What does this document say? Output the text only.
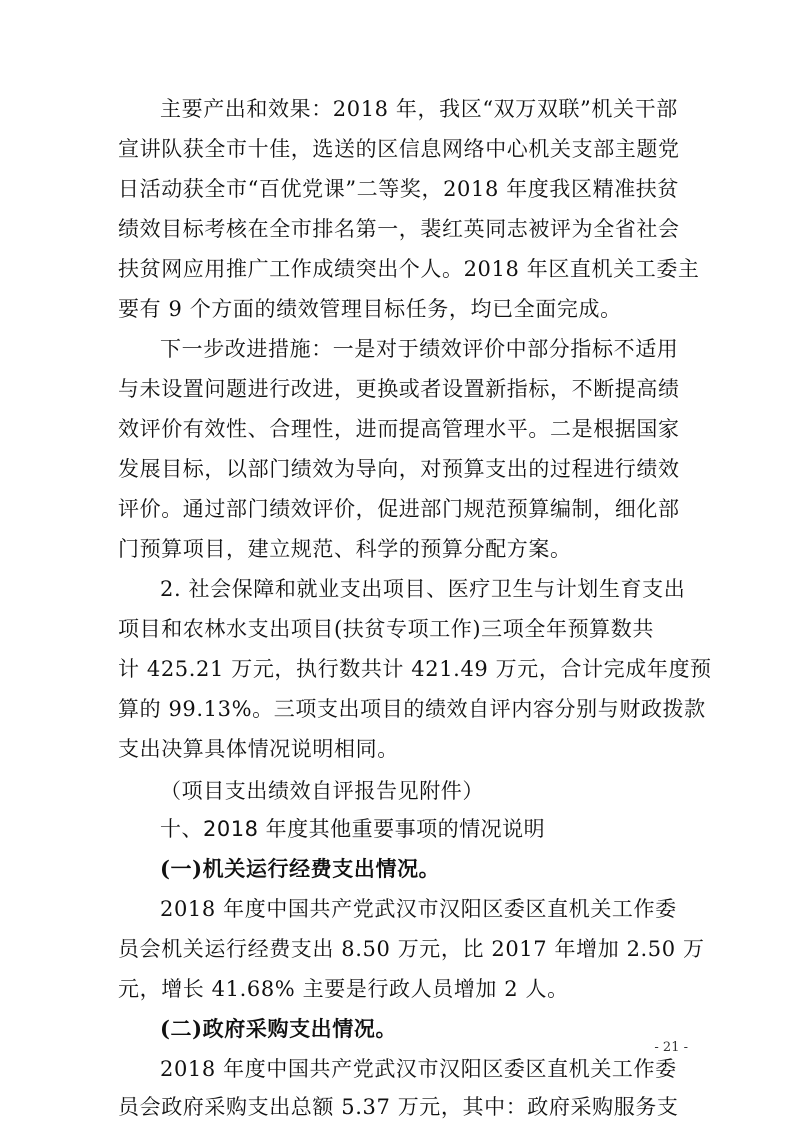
主要产出和效果：2018 年，我区“双万双联”机关干部
宣讲队获全市十佳，选送的区信息网络中心机关支部主题党
日活动获全市“百优党课”二等奖，2018 年度我区精准扶贫
绩效目标考核在全市排名第一，裴红英同志被评为全省社会
扶贫网应用推广工作成绩突出个人。2018 年区直机关工委主
要有 9 个方面的绩效管理目标任务，均已全面完成。
下一步改进措施：一是对于绩效评价中部分指标不适用
与未设置问题进行改进，更换或者设置新指标，不断提高绩
效评价有效性、合理性，进而提高管理水平。二是根据国家
发展目标，以部门绩效为导向，对预算支出的过程进行绩效
评价。通过部门绩效评价，促进部门规范预算编制，细化部
门预算项目，建立规范、科学的预算分配方案。
2. 社会保障和就业支出项目、医疗卫生与计划生育支出
项目和农林水支出项目(扶贫专项工作)三项全年预算数共
计 425.21 万元，执行数共计 421.49 万元，合计完成年度预
算的 99.13%。三项支出项目的绩效自评内容分别与财政拨款
支出决算具体情况说明相同。
（项目支出绩效自评报告见附件）
十、2018 年度其他重要事项的情况说明
(一)机关运行经费支出情况。
2018 年度中国共产党武汉市汉阳区委区直机关工作委
员会机关运行经费支出 8.50 万元，比 2017 年增加 2.50 万
元，增长 41.68% 主要是行政人员增加 2 人。
(二)政府采购支出情况。
2018 年度中国共产党武汉市汉阳区委区直机关工作委
员会政府采购支出总额 5.37 万元，其中：政府采购服务支
- 21 -
